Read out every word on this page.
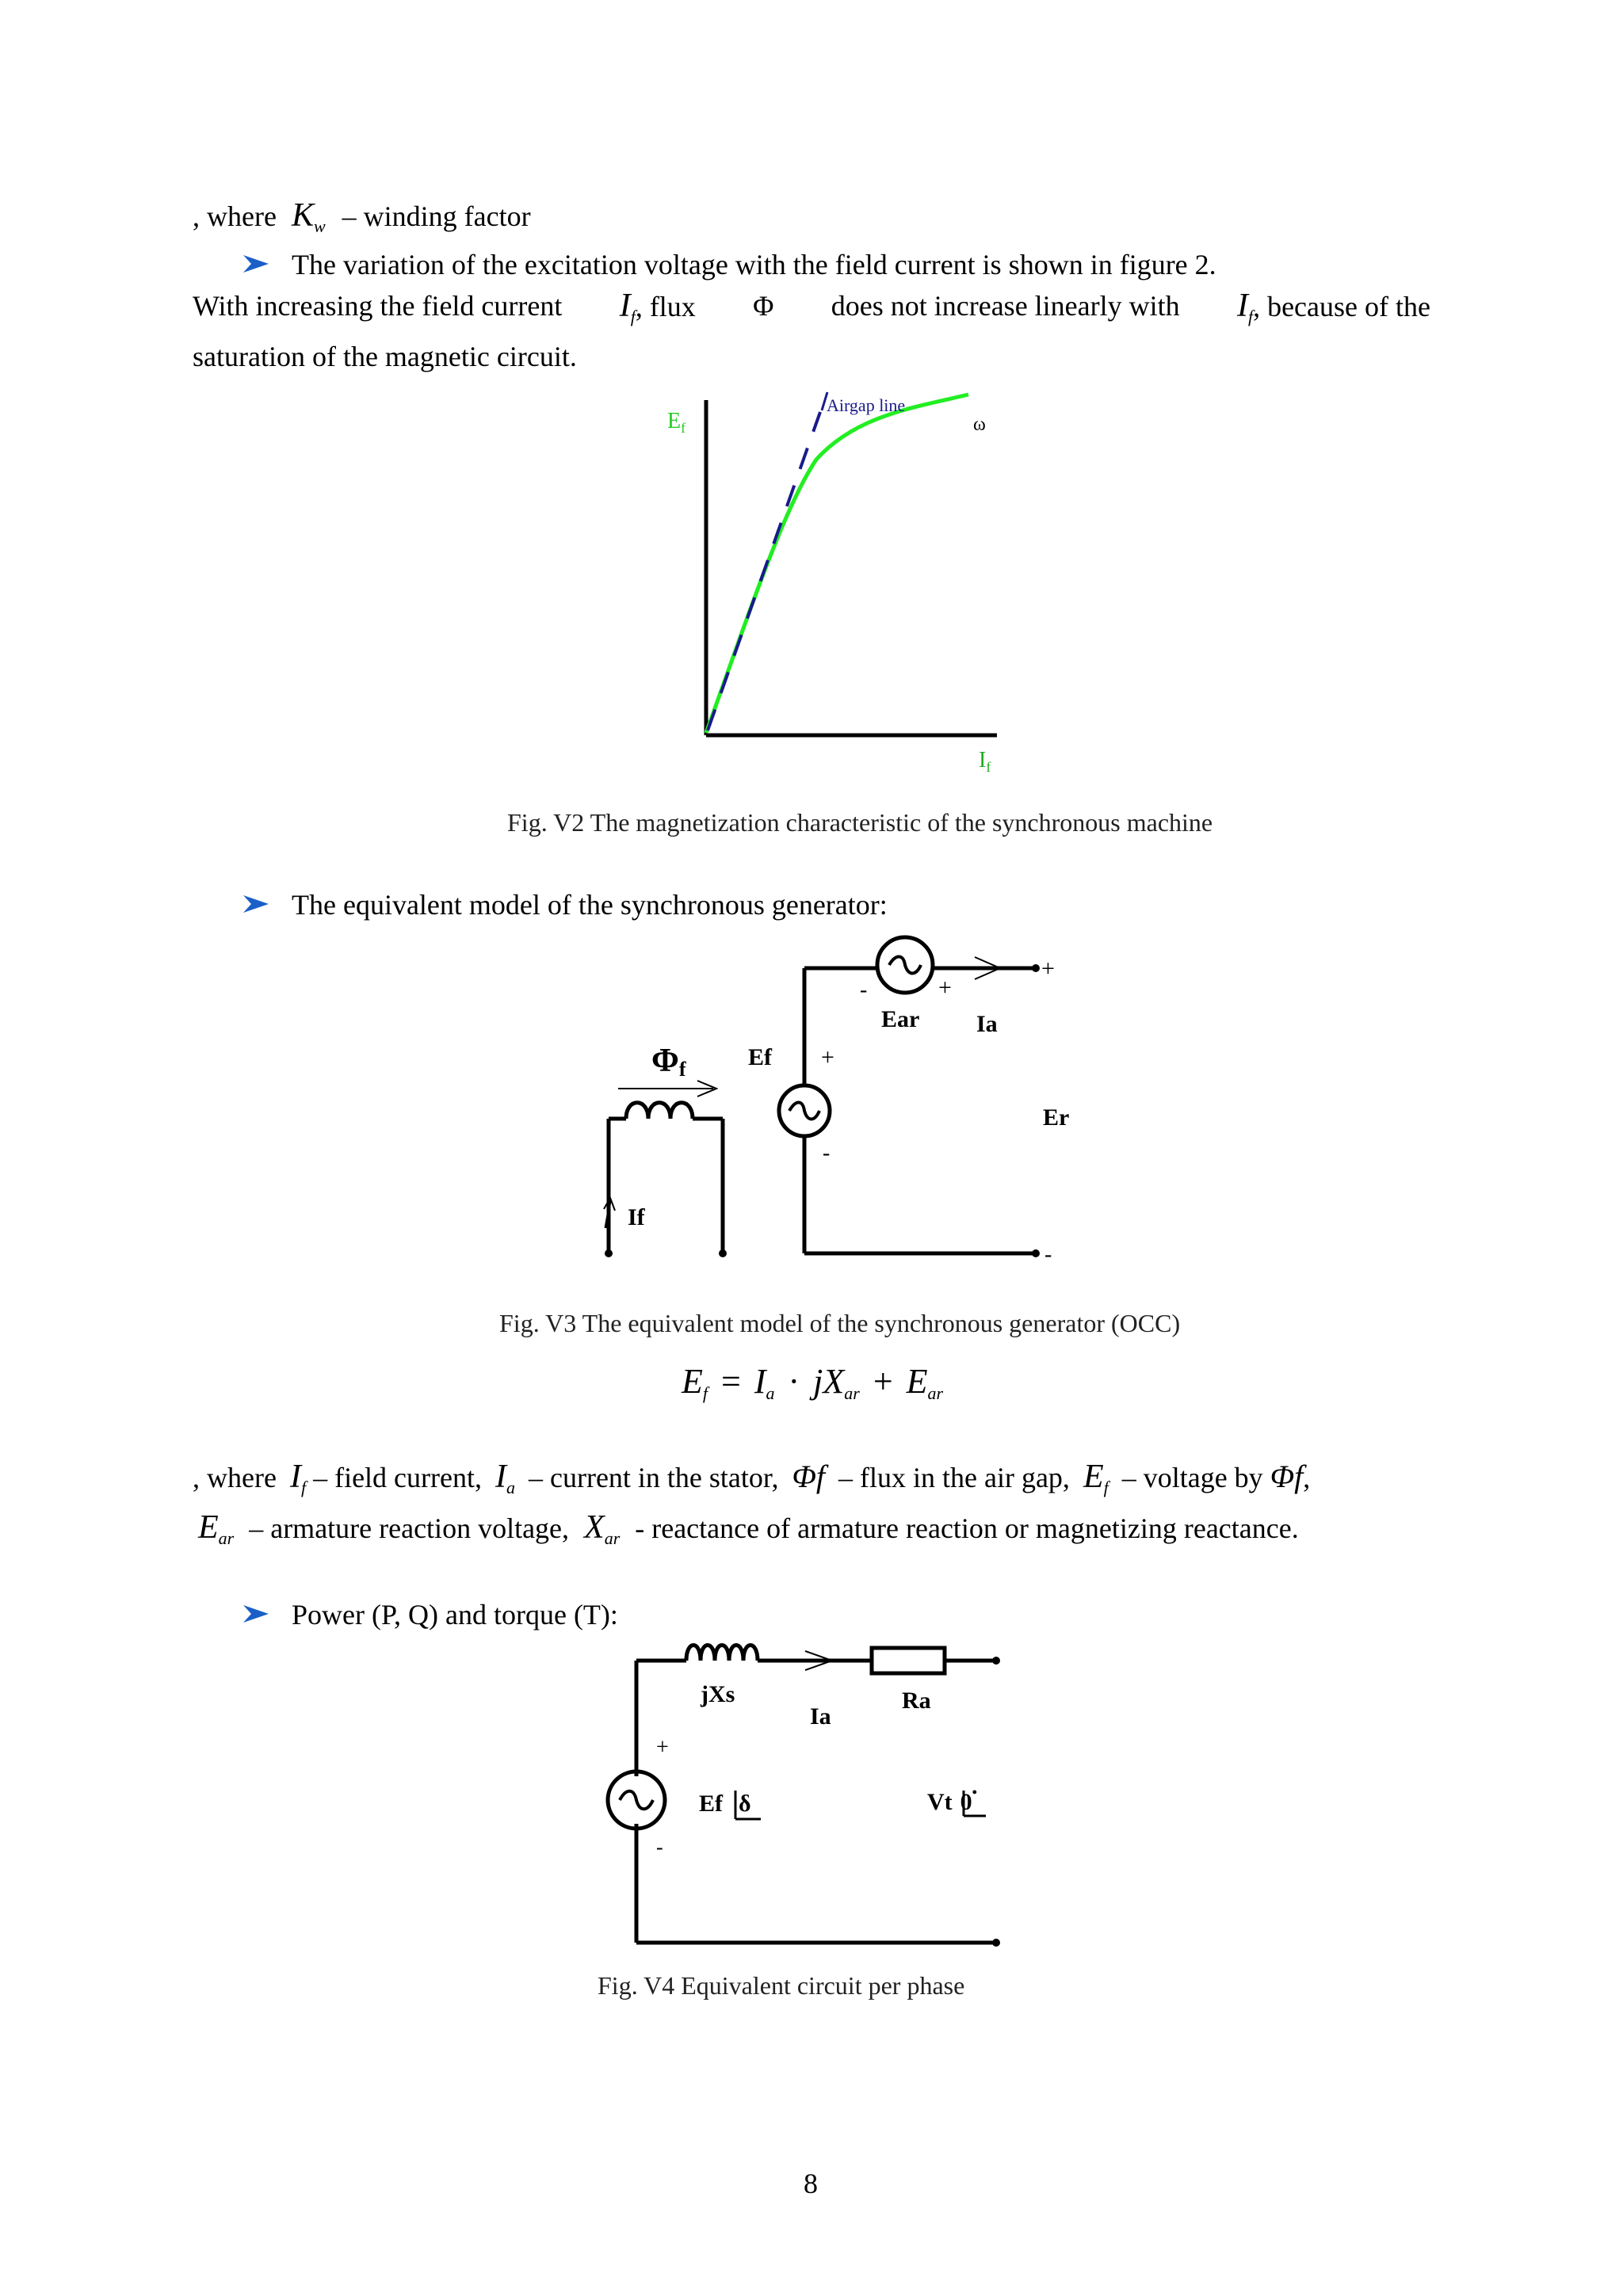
, where $K_w$ – winding factor
The variation of the excitation voltage with the field current is shown in figure 2.
With increasing the field current $I_f$, flux Φ does not increase linearly with $I_f$, because of the
saturation of the magnetic circuit.
Airgap line
$E_f$	ω
$I_f$
Fig. V2 The magnetization characteristic of the synchronous machine
The equivalent model of the synchronous generator:
Φf
If
Ef +
-
-	+
Ear Ia
+
Er
-
Fig. V3 The equivalent model of the synchronous generator (OCC)
$E_f = I_a \cdot jX_{ar} + E_{ar}$
, where $I_f$ – field current, $I_a$ – current in the stator, Φf – flux in the air gap, $E_f$ – voltage by Φf,
$E_{ar}$ – armature reaction voltage, $X_{ar}$ - reactance of armature reaction or magnetizing reactance.
Power (P, Q) and torque (T):
+
-
jXs
Ia
Ra
Ef δ	Vt 0•
Fig. V4 Equivalent circuit per phase
8
